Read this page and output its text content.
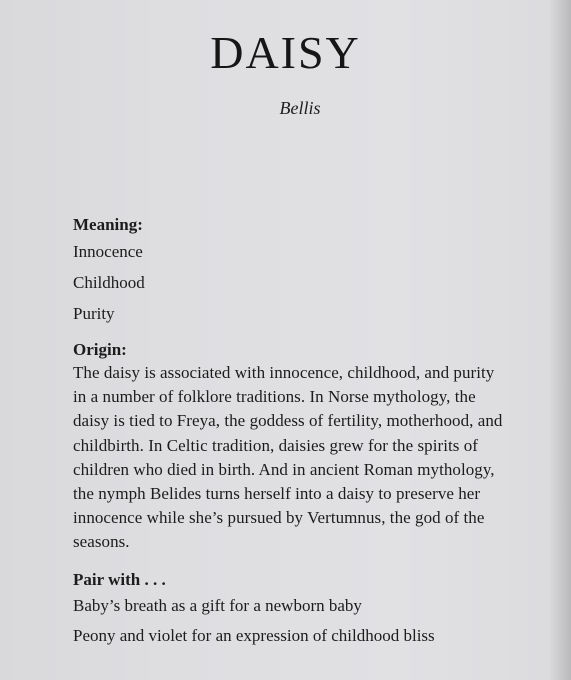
DAISY

Bellis

Meaning:

Innocence
Childhood
Purity

Origin:

The daisy is associated with innocence, childhood, and purity

in a number of folklore traditions. In Norse mythology, the

daisy is tied to Freya, the goddess of fertility, motherhood, and

childbirth. In Celtic tradition, daisies grew for the spirits of

children who died in birth. And in ancient Roman mythology,

the nymph Belides turns herself into a daisy to preserve her

innocence while she’s pursued by Vertumnus, the god of the

seasons.

Pair with . . .

Baby’s breath as a gift for a newborn baby
Peony and violet for an expression of childhood bliss
